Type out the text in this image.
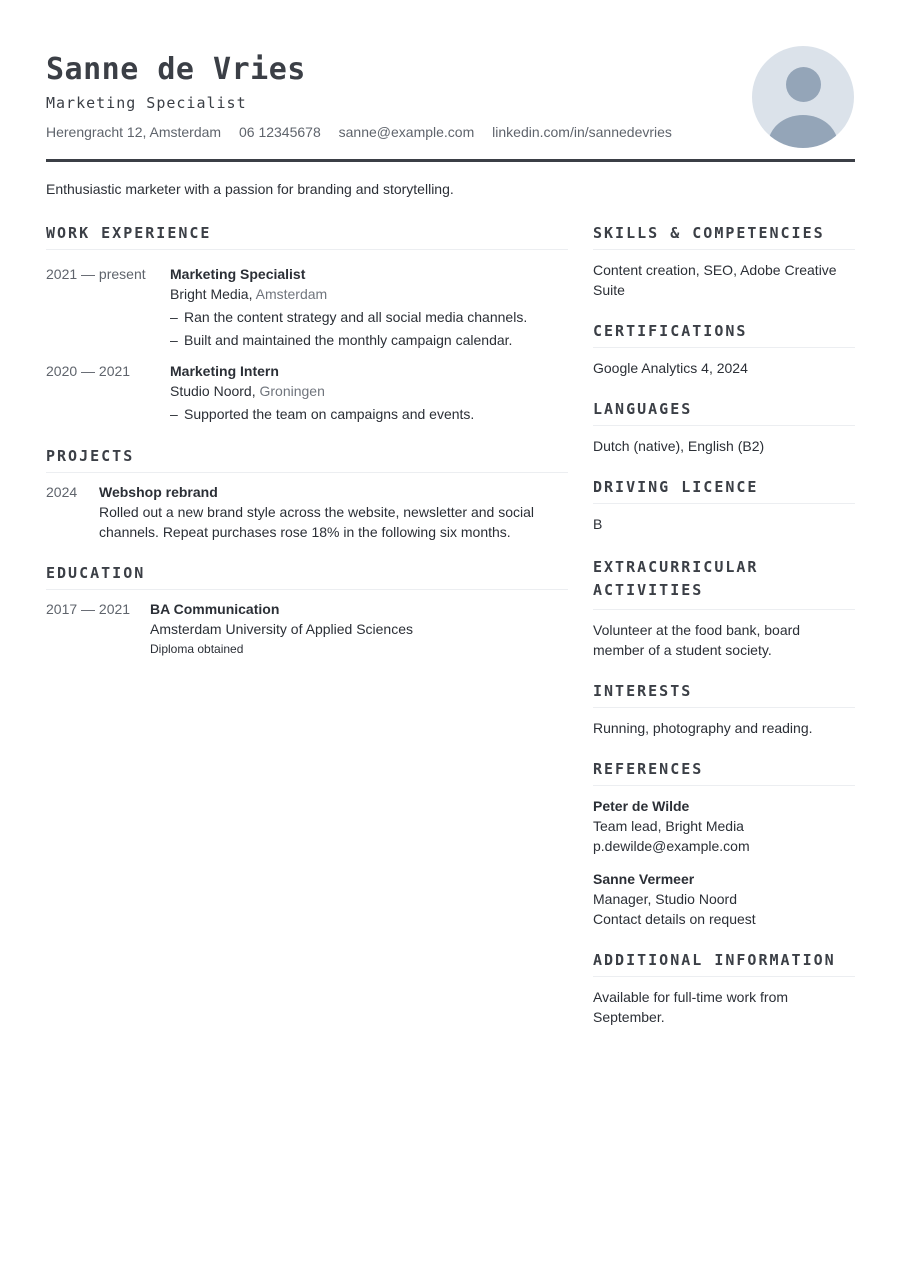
Sanne de Vries
Marketing Specialist
Herengracht 12, Amsterdam 06 12345678 sanne@example.com linkedin.com/in/sannedevries
Enthusiastic marketer with a passion for branding and storytelling.
WORK EXPERIENCE
2021 — present	Marketing Specialist
Bright Media, Amsterdam
– Ran the content strategy and all social media channels.
– Built and maintained the monthly campaign calendar.
2020 — 2021	Marketing Intern
Studio Noord, Groningen
– Supported the team on campaigns and events.
PROJECTS
2024	Webshop rebrand
Rolled out a new brand style across the website, newsletter and social channels. Repeat purchases rose 18% in the following six months.
EDUCATION
2017 — 2021	BA Communication
Amsterdam University of Applied Sciences
Diploma obtained
SKILLS & COMPETENCIES
Content creation, SEO, Adobe Creative Suite
CERTIFICATIONS
Google Analytics 4, 2024
LANGUAGES
Dutch (native), English (B2)
DRIVING LICENCE
B
EXTRACURRICULAR ACTIVITIES
Volunteer at the food bank, board member of a student society.
INTERESTS
Running, photography and reading.
REFERENCES
Peter de Wilde
Team lead, Bright Media
p.dewilde@example.com
Sanne Vermeer
Manager, Studio Noord
Contact details on request
ADDITIONAL INFORMATION
Available for full-time work from September.
